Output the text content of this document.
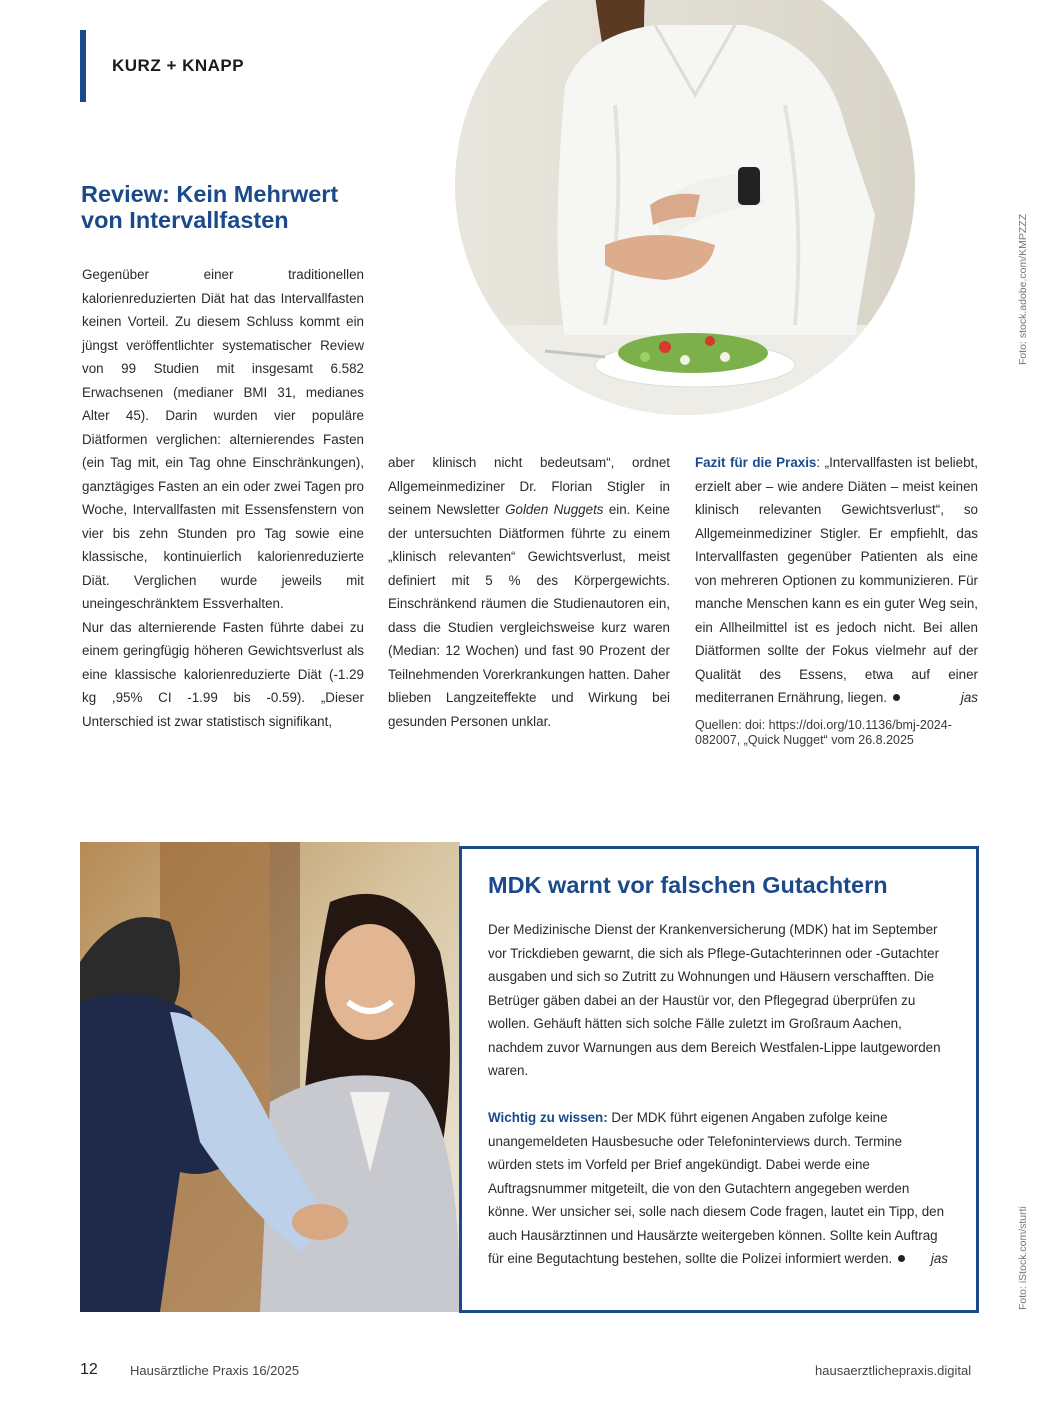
KURZ + KNAPP
Foto: stock.adobe.com/KMPZZZ
Review: Kein Mehrwert
von Intervallfasten

Gegenüber einer traditionellen kalorienreduzierten Diät hat das Intervallfasten keinen Vorteil. Zu diesem Schluss kommt ein jüngst veröffentlichter systematischer Review von 99 Studien mit insgesamt 6.582 Erwachsenen (medianer BMI 31, medianes Alter 45). Darin wurden vier populäre Diätformen verglichen: alternierendes Fasten (ein Tag mit, ein Tag ohne Einschränkungen), ganztägiges Fasten an ein oder zwei Tagen pro Woche, Intervallfasten mit Essensfenstern von vier bis zehn Stunden pro Tag sowie eine klassische, kontinuierlich kalorienreduzierte Diät. Verglichen wurde jeweils mit uneingeschränktem Essverhalten.

Nur das alternierende Fasten führte dabei zu einem geringfügig höheren Gewichtsverlust als eine klassische kalorienreduzierte Diät (-1.29 kg ,95% CI -1.99 bis -0.59). „Dieser Unterschied ist zwar statistisch signifikant,

aber klinisch nicht bedeutsam“, ordnet Allgemeinmediziner Dr. Florian Stigler in seinem Newsletter Golden Nuggets ein. Keine der untersuchten Diätformen führte zu einem „klinisch relevanten“ Gewichtsverlust, meist definiert mit 5 % des Körpergewichts. Einschränkend räumen die Studienautoren ein, dass die Studien vergleichsweise kurz waren (Median: 12 Wochen) und fast 90 Prozent der Teilnehmenden Vorerkrankungen hatten. Daher blieben Langzeiteffekte und Wirkung bei gesunden Personen unklar.

Fazit für die Praxis: „Intervallfasten ist beliebt, erzielt aber – wie andere Diäten – meist keinen klinisch relevanten Gewichtsverlust“, so Allgemeinmediziner Stigler. Er empfiehlt, das Intervallfasten gegenüber Patienten als eine von mehreren Optionen zu kommunizieren. Für manche Menschen kann es ein guter Weg sein, ein Allheilmittel ist es jedoch nicht. Bei allen Diätformen sollte der Fokus vielmehr auf der Qualität des Essens, etwa auf einer mediterranen Ernährung, liegen.	jas

Quellen: doi: https://doi.org/10.1136/bmj-2024-082007, „Quick Nugget“ vom 26.8.2025
Foto: iStock.com/sturti
MDK warnt vor falschen Gutachtern

Der Medizinische Dienst der Krankenversicherung (MDK) hat im September vor Trickdieben gewarnt, die sich als Pflege-Gutachterinnen oder -Gutachter ausgaben und sich so Zutritt zu Wohnungen und Häusern verschafften. Die Betrüger gäben dabei an der Haustür vor, den Pflegegrad überprüfen zu wollen. Gehäuft hätten sich solche Fälle zuletzt im Großraum Aachen, nachdem zuvor Warnungen aus dem Bereich Westfalen-Lippe lautgeworden waren.

Wichtig zu wissen: Der MDK führt eigenen Angaben zufolge keine unangemeldeten Hausbesuche oder Telefoninterviews durch. Termine würden stets im Vorfeld per Brief angekündigt. Dabei werde eine Auftragsnummer mitgeteilt, die von den Gutachtern angegeben werden könne. Wer unsicher sei, solle nach diesem Code fragen, lautet ein Tipp, den auch Hausärztinnen und Hausärzte weitergeben können. Sollte kein Auftrag für eine Begutachtung bestehen, sollte die Polizei informiert werden.	jas

12 Hausärztliche Praxis 16/2025	hausaerztlichepraxis.digital
